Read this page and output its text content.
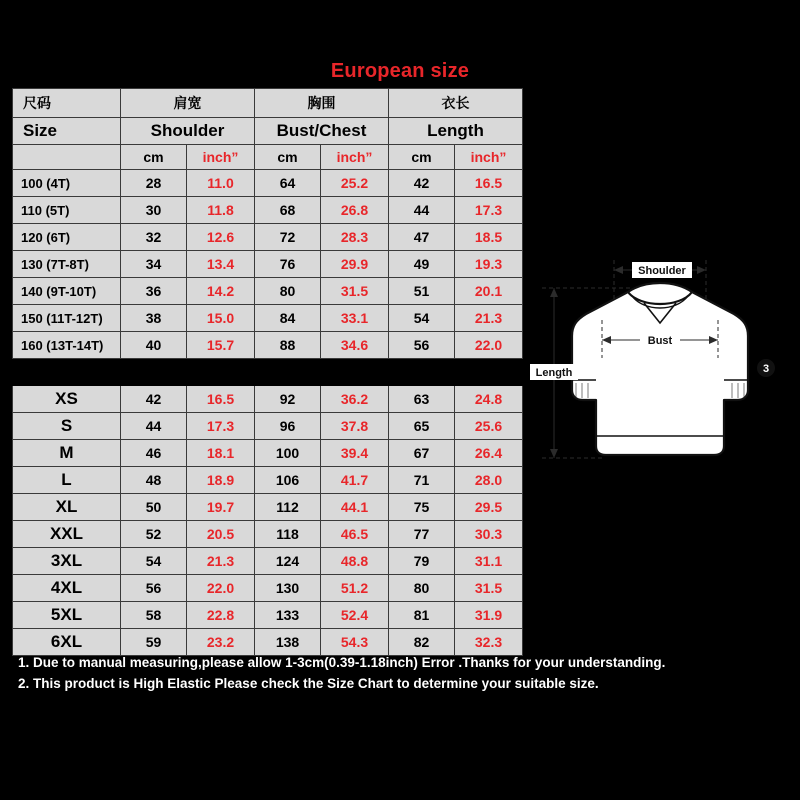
European size
尺码	肩宽		胸围		衣长	
Size	Shoulder		Bust/Chest		Length	
	cm	inch”	cm	inch”	cm	inch”
100 (4T)	28	11.0	64	25.2	42	16.5
110 (5T)	30	11.8	68	26.8	44	17.3
120 (6T)	32	12.6	72	28.3	47	18.5
130 (7T-8T)	34	13.4	76	29.9	49	19.3
140 (9T-10T)	36	14.2	80	31.5	51	20.1
150 (11T-12T)	38	15.0	84	33.1	54	21.3
160 (13T-14T)	40	15.7	88	34.6	56	22.0

XS	42	16.5	92	36.2	63	24.8
S	44	17.3	96	37.8	65	25.6
M	46	18.1	100	39.4	67	26.4
L	48	18.9	106	41.7	71	28.0
XL	50	19.7	112	44.1	75	29.5
XXL	52	20.5	118	46.5	77	30.3
3XL	54	21.3	124	48.8	79	31.1
4XL	56	22.0	130	51.2	80	31.5
5XL	58	22.8	133	52.4	81	31.9
6XL	59	23.2	138	54.3	82	32.3
Shoulder
Bust
Length	3
1. Due to manual measuring,please allow 1-3cm(0.39-1.18inch) Error .Thanks for your understanding.
2. This product is High Elastic Please check the Size Chart to determine your suitable size.
